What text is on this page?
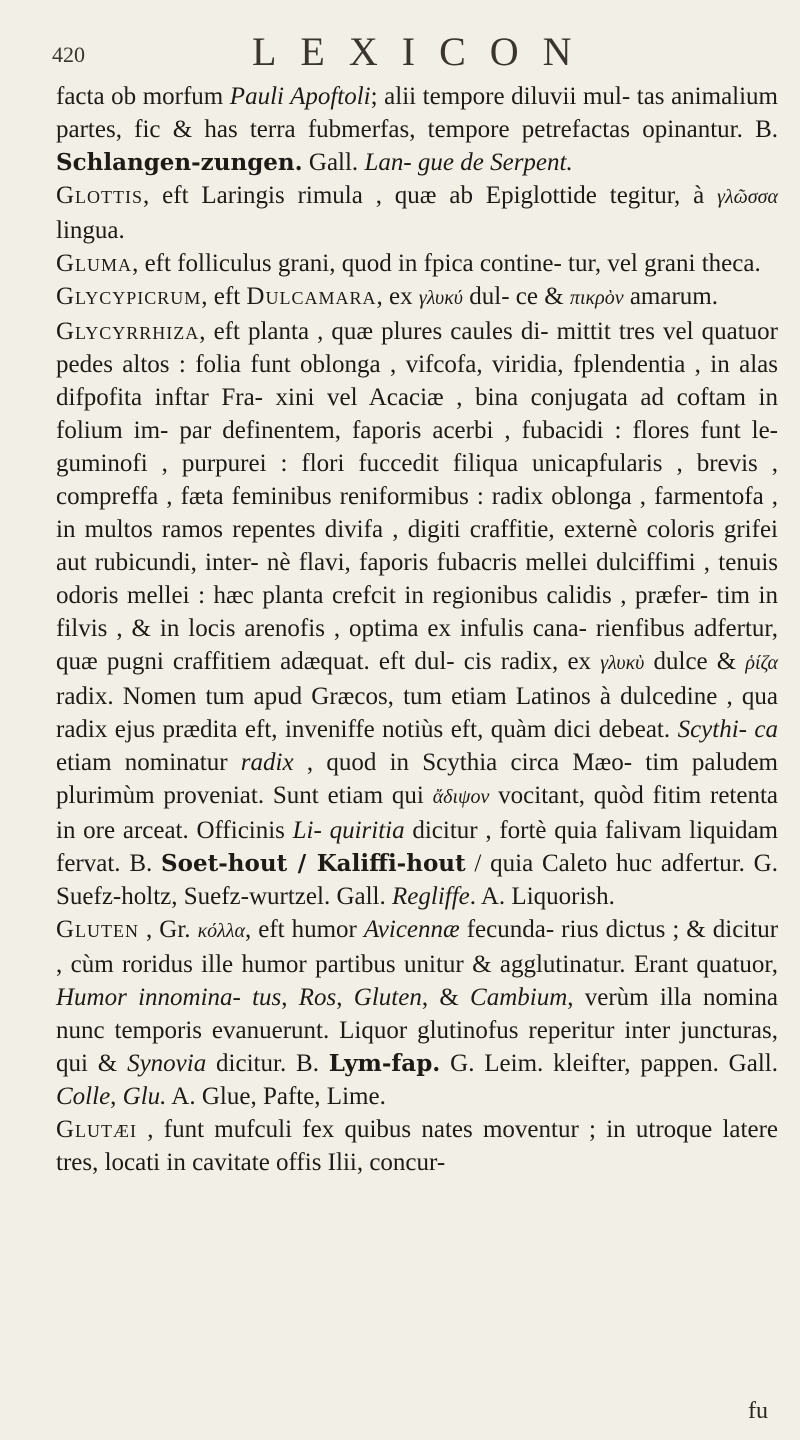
420	LEXICON

facta ob morfum Pauli Apoftoli; alii tempore diluvii mul- tas animalium partes, fic & has terra fubmerfas, tempore petrefactas opinantur. B. Schlangen-zungen. Gall. Lan- gue de Serpent.

Glottis, eft Laringis rimula , quæ ab Epiglottide tegitur, à γλῶσσα lingua.

Gluma, eft folliculus grani, quod in fpica contine- tur, vel grani theca.

Glycypicrum, eft Dulcamara, ex γλυκύ dul- ce & πικρὸν amarum.

Glycyrrhiza, eft planta , quæ plures caules di- mittit tres vel quatuor pedes altos : folia funt oblonga , vifcofa, viridia, fplendentia , in alas difpofita inftar Fra- xini vel Acaciæ , bina conjugata ad coftam in folium im- par definentem, faporis acerbi , fubacidi : flores funt le- guminofi , purpurei : flori fuccedit filiqua unicapfularis , brevis , compreffa , fæta feminibus reniformibus : radix oblonga , farmentofa , in multos ramos repentes divifa , digiti craffitie, externè coloris grifei aut rubicundi, inter- nè flavi, faporis fubacris mellei dulciffimi , tenuis odoris mellei : hæc planta crefcit in regionibus calidis , præfer- tim in filvis , & in locis arenofis , optima ex infulis cana- rienfibus adfertur, quæ pugni craffitiem adæquat. eft dul- cis radix, ex γλυκὺ dulce & ῥίζα radix. Nomen tum apud Græcos, tum etiam Latinos à dulcedine , qua radix ejus prædita eft, inveniffe notiùs eft, quàm dici debeat. Scythi- ca etiam nominatur radix , quod in Scythia circa Mæo- tim paludem plurimùm proveniat. Sunt etiam qui ἄδιψον vocitant, quòd fitim retenta in ore arceat. Officinis Li- quiritia dicitur , fortè quia falivam liquidam fervat. B. Soet-hout / Kaliffi-hout / quia Caleto huc adfertur. G. Suefz-holtz, Suefz-wurtzel. Gall. Regliffe. A. Liquorish.

Gluten , Gr. κόλλα, eft humor Avicennæ fecunda- rius dictus ; & dicitur , cùm roridus ille humor partibus unitur & agglutinatur. Erant quatuor, Humor innomina- tus, Ros, Gluten, & Cambium, verùm illa nomina nunc temporis evanuerunt. Liquor glutinofus reperitur inter juncturas, qui & Synovia dicitur. B. Lym-fap. G. Leim. kleifter, pappen. Gall. Colle, Glu. A. Glue, Pafte, Lime.

Glutæi , funt mufculi fex quibus nates moventur ; in utroque latere tres, locati in cavitate offis Ilii, concur-

fu
